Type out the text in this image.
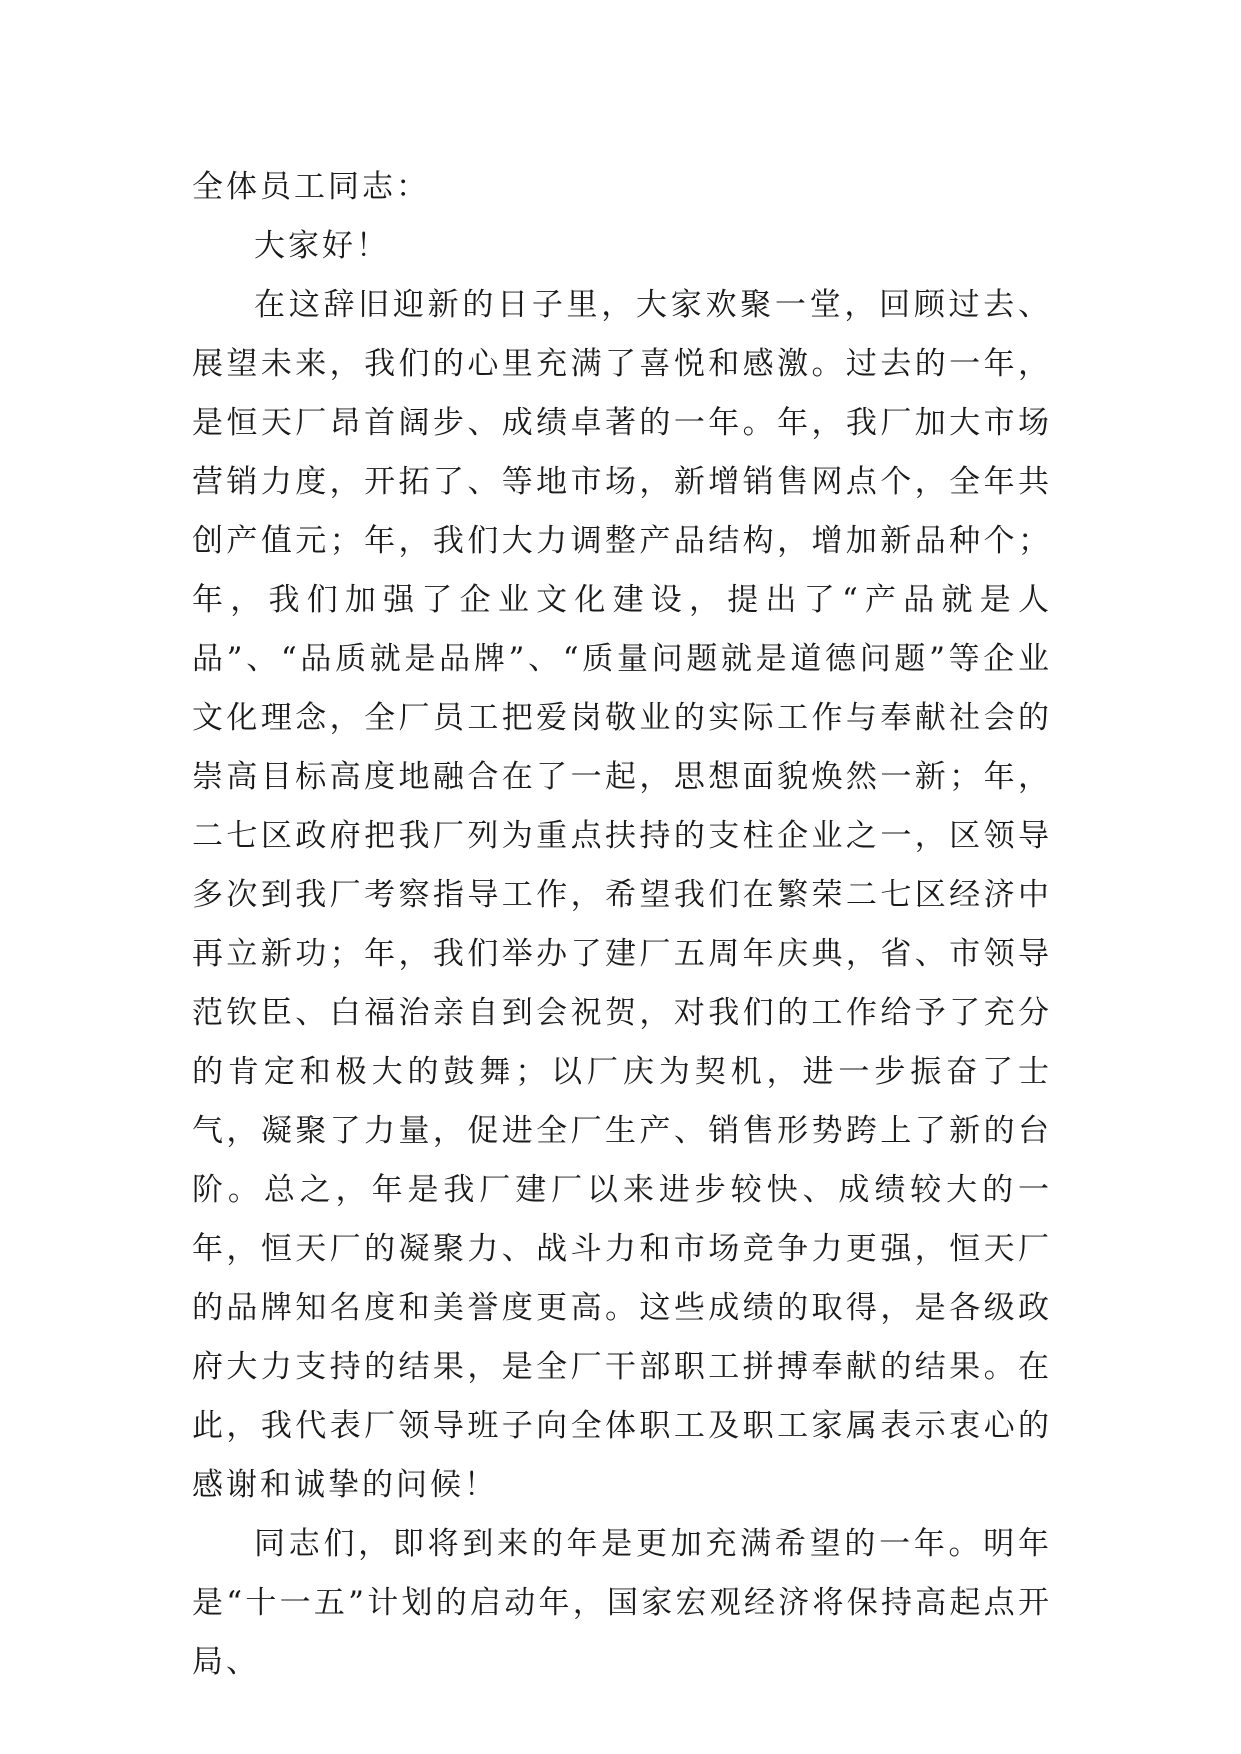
全体员工同志：

大家好！

在这辞旧迎新的日子里，大家欢聚一堂，回顾过去、展望未来，我们的心里充满了喜悦和感激。过去的一年，是恒天厂昂首阔步、成绩卓著的一年。年，我厂加大市场营销力度，开拓了、等地市场，新增销售网点个，全年共创产值元；年，我们大力调整产品结构，增加新品种个；年，我们加强了企业文化建设，提出了“产品就是人品”、“品质就是品牌”、“质量问题就是道德问题”等企业文化理念，全厂员工把爱岗敬业的实际工作与奉献社会的崇高目标高度地融合在了一起，思想面貌焕然一新；年，二七区政府把我厂列为重点扶持的支柱企业之一，区领导多次到我厂考察指导工作，希望我们在繁荣二七区经济中再立新功；年，我们举办了建厂五周年庆典，省、市领导范钦臣、白福治亲自到会祝贺，对我们的工作给予了充分的肯定和极大的鼓舞；以厂庆为契机，进一步振奋了士气，凝聚了力量，促进全厂生产、销售形势跨上了新的台阶。总之，年是我厂建厂以来进步较快、成绩较大的一年，恒天厂的凝聚力、战斗力和市场竞争力更强，恒天厂的品牌知名度和美誉度更高。这些成绩的取得，是各级政府大力支持的结果，是全厂干部职工拼搏奉献的结果。在此，我代表厂领导班子向全体职工及职工家属表示衷心的感谢和诚挚的问候！

同志们，即将到来的年是更加充满希望的一年。明年是“十一五”计划的启动年，国家宏观经济将保持高起点开局、
